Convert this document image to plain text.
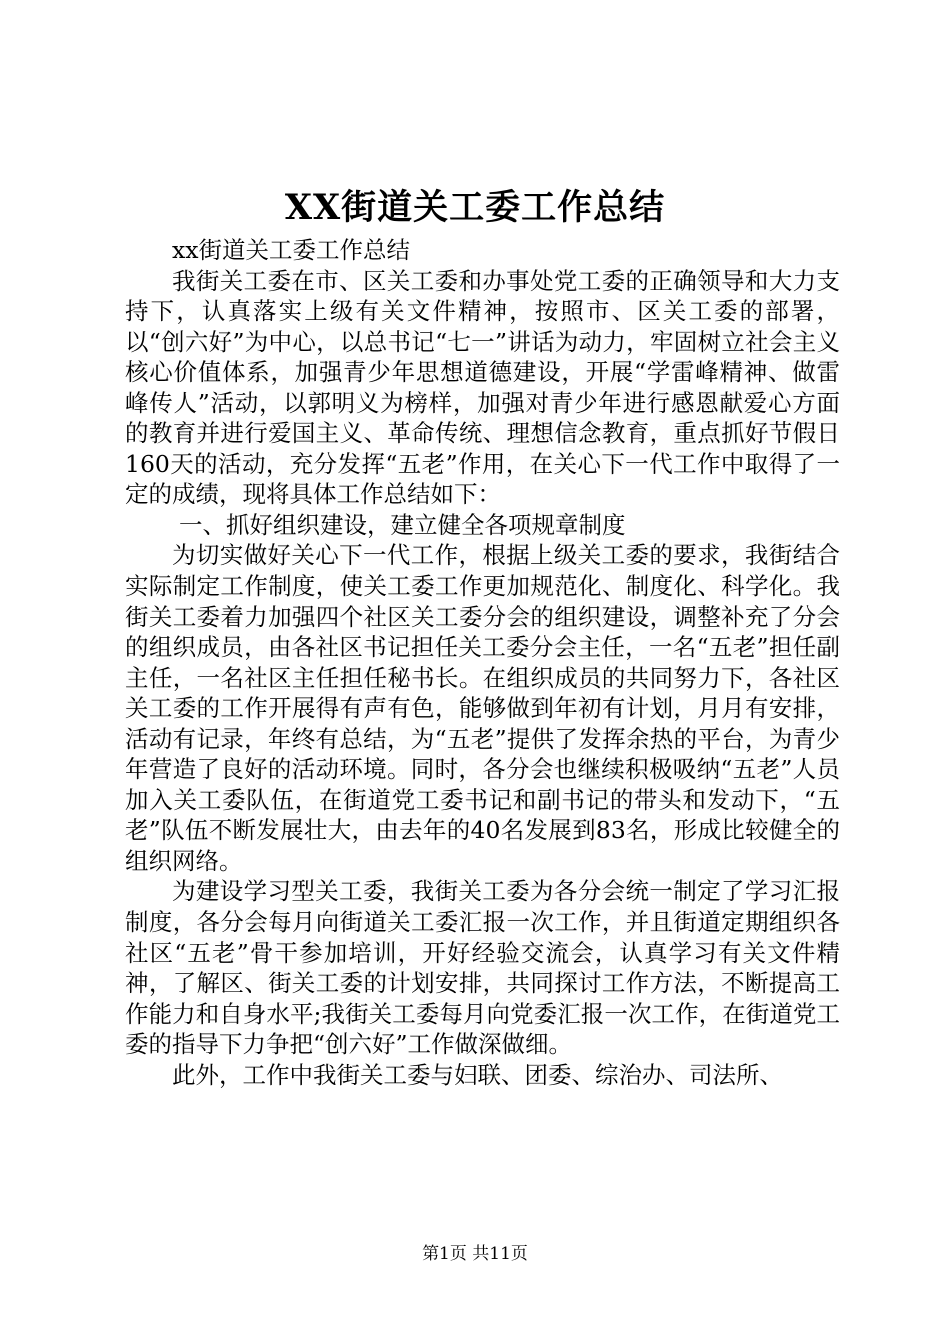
XX街道关工委工作总结

xx街道关工委工作总结

我街关工委在市、区关工委和办事处党工委的正确领导和大力支持下，认真落实上级有关文件精神，按照市、区关工委的部署，以“创六好”为中心，以总书记“七一”讲话为动力，牢固树立社会主义核心价值体系，加强青少年思想道德建设，开展“学雷峰精神、做雷峰传人”活动，以郭明义为榜样，加强对青少年进行感恩献爱心方面的教育并进行爱国主义、革命传统、理想信念教育，重点抓好节假日160天的活动，充分发挥“五老”作用，在关心下一代工作中取得了一定的成绩，现将具体工作总结如下：

一、抓好组织建设，建立健全各项规章制度

为切实做好关心下一代工作，根据上级关工委的要求，我街结合实际制定工作制度，使关工委工作更加规范化、制度化、科学化。我街关工委着力加强四个社区关工委分会的组织建设，调整补充了分会的组织成员，由各社区书记担任关工委分会主任，一名“五老”担任副主任，一名社区主任担任秘书长。在组织成员的共同努力下，各社区关工委的工作开展得有声有色，能够做到年初有计划，月月有安排，活动有记录，年终有总结，为“五老”提供了发挥余热的平台，为青少年营造了良好的活动环境。同时，各分会也继续积极吸纳“五老”人员加入关工委队伍，在街道党工委书记和副书记的带头和发动下，“五老”队伍不断发展壮大，由去年的40名发展到83名，形成比较健全的组织网络。

为建设学习型关工委，我街关工委为各分会统一制定了学习汇报制度，各分会每月向街道关工委汇报一次工作，并且街道定期组织各社区“五老”骨干参加培训，开好经验交流会，认真学习有关文件精神，了解区、街关工委的计划安排，共同探讨工作方法，不断提高工作能力和自身水平;我街关工委每月向党委汇报一次工作，在街道党工委的指导下力争把“创六好”工作做深做细。

此外，工作中我街关工委与妇联、团委、综治办、司法所、

第1页 共11页
